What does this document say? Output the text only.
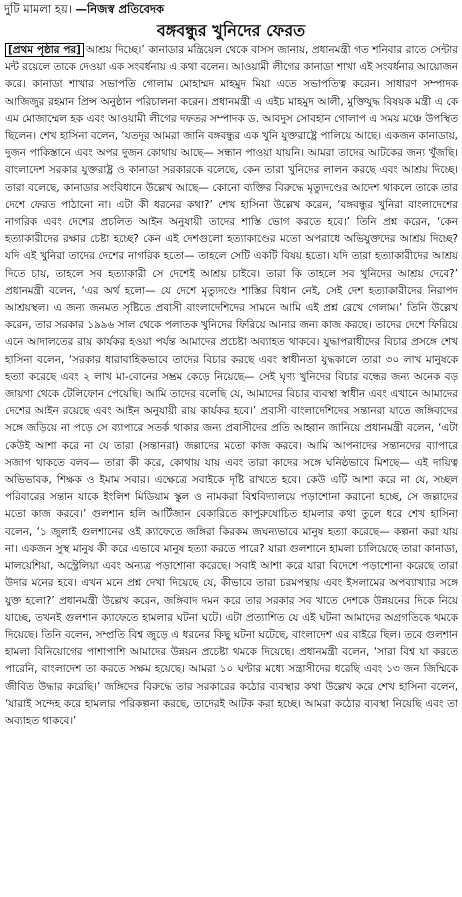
দুটি মামলা হয়। —নিজস্ব প্রতিবেদক
বঙ্গবন্ধুর খুনিদের ফেরত
[প্রথম পৃষ্ঠার পর] আশ্রয় দিচ্ছে।’ কানাডার মন্ত্রিয়েল থেকে বাসস জানায়, প্রধানমন্ত্রী গত শনিবার রাতে সেন্টার মন্ট রয়েলে তাকে দেওয়া এক সংবর্ধনায় এ কথা বলেন। আওয়ামী লীগের কানাডা শাখা এই সংবর্ধনার আয়োজন করে। কানাডা শাখার সভাপতি গোলাম মোহাম্মদ মাহমুদ মিয়া এতে সভাপতিত্ব করেন। সাধারণ সম্পাদক আজিজুর রহমান প্রিন্স অনুষ্ঠান পরিচালনা করেন। প্রধানমন্ত্রী এ এইচ মাহমুদ আলী, মুক্তিযুদ্ধ বিষয়ক মন্ত্রী এ কে এম মোজাম্মেল হক এবং আওয়ামী লীগের দফতর সম্পাদক ড. আবদুস সোবহান গোলাপ এ সময় মঞ্চে উপস্থিত ছিলেন। শেখ হাসিনা বলেন, ‘যতদূর আমরা জানি বঙ্গবন্ধুর এক খুনি যুক্তরাষ্ট্রে পালিয়ে আছে। একজন কানাডায়, দুজন পাকিস্তানে এবং অপর দুজন কোথায় আছে— সন্ধান পাওয়া যায়নি। আমরা তাদের আটকের জন্য খুঁজছি। বাংলাদেশ সরকার যুক্তরাষ্ট্র ও কানাডা সরকারকে বলেছে, কেন তারা খুনিদের লালন করছে এবং আশ্রয় দিচ্ছে। তারা বলেছে, কানাডার সংবিধানে উল্লেখ আছে— কোনো ব্যক্তির বিরুদ্ধে মৃত্যুদণ্ডের আদেশ থাকলে তাকে তার দেশে ফেরত পাঠানো না। এটা কী ধরনের কথা?’ শেখ হাসিনা উল্লেখ করেন, ‘বঙ্গবন্ধুর খুনিরা বাংলাদেশের নাগরিক এবং দেশের প্রচলিত আইন অনুযায়ী তাদের শাস্তি ভোগ করতে হবে।’ তিনি প্রশ্ন করেন, ‘কেন হত্যাকারীদের রক্ষার চেষ্টা হচ্ছে? কেন এই দেশগুলো হত্যাকাণ্ডের মতো অপরাধে অভিযুক্তদের আশ্রয় দিচ্ছে? যদি এই খুনিরা তাদের দেশের নাগরিক হতো— তাহলে সেটি একটি বিষয় হতো। যদি তারা হত্যাকারীদের আশ্রয় দিতে চায়, তাহলে সব হত্যাকারী সে দেশেই আশ্রয় চাইবে। তারা কি তাহলে সব খুনিদের আশ্রয় দেবে?’ প্রধানমন্ত্রী বলেন, ‘এর অর্থ হলো— যে দেশে মৃত্যুদণ্ডে শাস্তির বিধান নেই, সেই দেশ হত্যাকারীদের নিরাপদ আশ্রয়স্থল। এ জন্য জনমত সৃষ্টিতে প্রবাসী বাংলাদেশিদের সামনে আমি এই প্রশ্ন রেখে গেলাম।’ তিনি উল্লেখ করেন, তার সরকার ১৯৯৬ সাল থেকে পলাতক খুনিদের ফিরিয়ে আনার জন্য কাজ করছে। তাদের দেশে ফিরিয়ে এনে আদালতের রায় কার্যকর হওয়া পর্যন্ত আমাদের প্রচেষ্টা অব্যাহত থাকবে। যুদ্ধাপরাধীদের বিচার প্রসঙ্গে শেখ হাসিনা বলেন, ‘সরকার ধারাবাহিকভাবে তাদের বিচার করছে এবং স্বাধীনতা যুদ্ধকালে তারা ৩০ লাখ মানুষকে হত্যা করেছে এবং ২ লাখ মা-বোনের সম্ভ্রম কেড়ে নিয়েছে— সেই ঘৃণ্য খুনিদের বিচার বন্ধের জন্য অনেক বড় জায়গা থেকে টেলিফোন পেয়েছি। আমি তাদের বলেছি যে, আমাদের বিচার ব্যবস্থা স্বাধীন এবং এখানে আমাদের দেশের আইন রয়েছে এবং আইন অনুযায়ী রায় কার্যকর হবে।’ প্রবাসী বাংলাদেশিদের সন্তানরা যাতে জঙ্গিবাদের সঙ্গে জড়িয়ে না পড়ে সে ব্যাপারে সতর্ক থাকার জন্য প্রবাসীদের প্রতি আহ্বান জানিয়ে প্রধানমন্ত্রী বলেন, ‘এটা কেউই আশা করে না যে তারা (সন্তানরা) জল্লাদের মতো কাজ করবে। আমি আপনাদের সন্তানদের ব্যাপারে সজাগ থাকতে বলব— তারা কী করে, কোথায় যায় এবং তারা কাদের সঙ্গে ঘনিষ্ঠভাবে মিশছে— এই দায়িত্ব অভিভাবক, শিক্ষক ও ইমাম সবার। এক্ষেত্রে সবাইকে দৃষ্টি রাখতে হবে। কেউ এটি আশা করে না যে, সচ্ছল পরিবারের সন্তান যাকে ইংলিশ মিডিয়াম স্কুল ও নামকরা বিশ্ববিদ্যালয়ে পড়াশোনা করানো হচ্ছে, সে জল্লাদের মতো কাজ করবে।’ গুলশান হলি আর্টিজান বেকারিতে কাপুরুষোচিত হামলার কথা তুলে ধরে শেখ হাসিনা বলেন, ‘১ জুলাই গুলশানের ওই ক্যাফেতে জঙ্গিরা কিরকম জঘন্যভাবে মানুষ হত্যা করেছে— কল্পনা করা যায় না। একজন সুস্থ মানুষ কী করে এভাবে মানুষ হত্যা করতে পারে? যারা গুলশানে হামলা চালিয়েছে তারা কানাডা, মালয়েশিয়া, অস্ট্রেলিয়া এবং অন্যত্র পড়াশোনা করেছে। সবাই আশা করে যারা বিদেশে পড়াশোনা করেছে তারা উদার মনের হবে। এখন মনে প্রশ্ন দেখা দিয়েছে যে, কীভাবে তারা চরমপন্থায় এবং ইসলামের অপব্যাখ্যার সঙ্গে যুক্ত হলো?’ প্রধানমন্ত্রী উল্লেখ করেন, জঙ্গিবাদ দমন করে তার সরকার সব খাতে দেশকে উন্নয়নের দিকে নিয়ে যাচ্ছে, তখনই গুলশান ক্যাফেতে হামলার ঘটনা ঘটে। এটা প্রত্যাশিত যে এই ঘটনা আমাদের অগ্রগতিকে থমকে দিয়েছে। তিনি বলেন, সম্প্রতি বিশ্ব জুড়ে এ ধরনের কিছু ঘটনা ঘটেছে, বাংলাদেশ এর বাইরে ছিল। তবে গুলশান হামলা বিনিয়োগের পাশাপাশি আমাদের উন্নয়ন প্রচেষ্টা থমকে দিয়েছে। প্রধানমন্ত্রী বলেন, ‘সারা বিশ্ব যা করতে পারেনি, বাংলাদেশ তা করতে সক্ষম হয়েছে। আমরা ১০ ঘণ্টার মধ্যে সন্ত্রাসীদের ধরেছি এবং ১৩ জন জিম্মিকে জীবিত উদ্ধার করেছি।’ জঙ্গিদের বিরুদ্ধে তার সরকারের কঠোর ব্যবস্থার কথা উল্লেখ করে শেখ হাসিনা বলেন, ‘যারাই সন্দেহ করে হামলার পরিকল্পনা করছে, তাদেরই আটক করা হচ্ছে। আমরা কঠোর ব্যবস্থা নিয়েছি এবং তা অব্যাহত থাকবে।’
